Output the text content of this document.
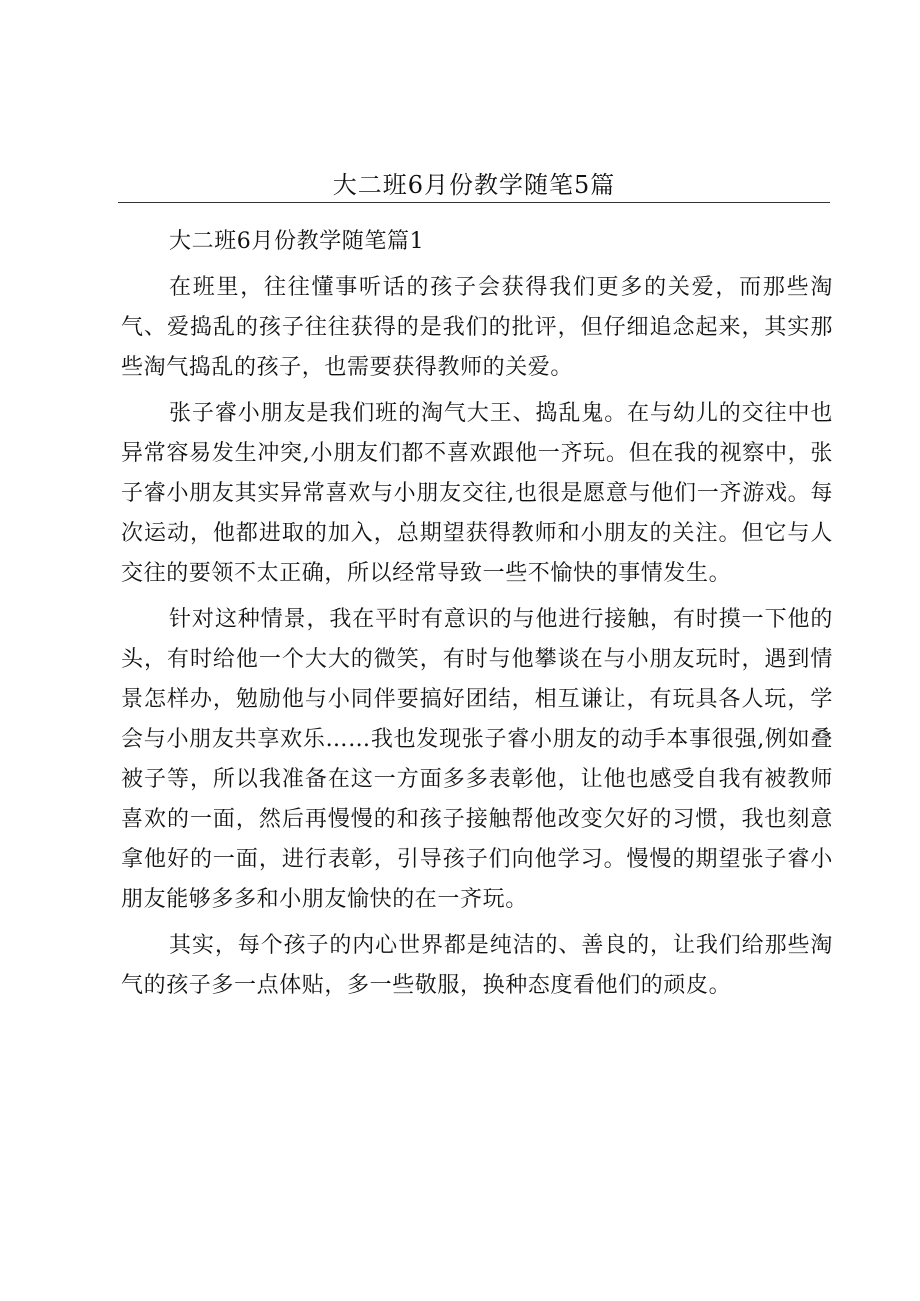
大二班6月份教学随笔5篇
大二班6月份教学随笔篇1

在班里，往往懂事听话的孩子会获得我们更多的关爱，而那些淘气、爱捣乱的孩子往往获得的是我们的批评，但仔细追念起来，其实那些淘气捣乱的孩子，也需要获得教师的关爱。

张子睿小朋友是我们班的淘气大王、捣乱鬼。在与幼儿的交往中也异常容易发生冲突,小朋友们都不喜欢跟他一齐玩。但在我的视察中，张子睿小朋友其实异常喜欢与小朋友交往,也很是愿意与他们一齐游戏。每次运动，他都进取的加入，总期望获得教师和小朋友的关注。但它与人交往的要领不太正确，所以经常导致一些不愉快的事情发生。

针对这种情景，我在平时有意识的与他进行接触，有时摸一下他的头，有时给他一个大大的微笑，有时与他攀谈在与小朋友玩时，遇到情景怎样办，勉励他与小同伴要搞好团结，相互谦让，有玩具各人玩，学会与小朋友共享欢乐……我也发现张子睿小朋友的动手本事很强,例如叠被子等，所以我准备在这一方面多多表彰他，让他也感受自我有被教师喜欢的一面，然后再慢慢的和孩子接触帮他改变欠好的习惯，我也刻意拿他好的一面，进行表彰，引导孩子们向他学习。慢慢的期望张子睿小朋友能够多多和小朋友愉快的在一齐玩。

其实，每个孩子的内心世界都是纯洁的、善良的，让我们给那些淘气的孩子多一点体贴，多一些敬服，换种态度看他们的顽皮。
